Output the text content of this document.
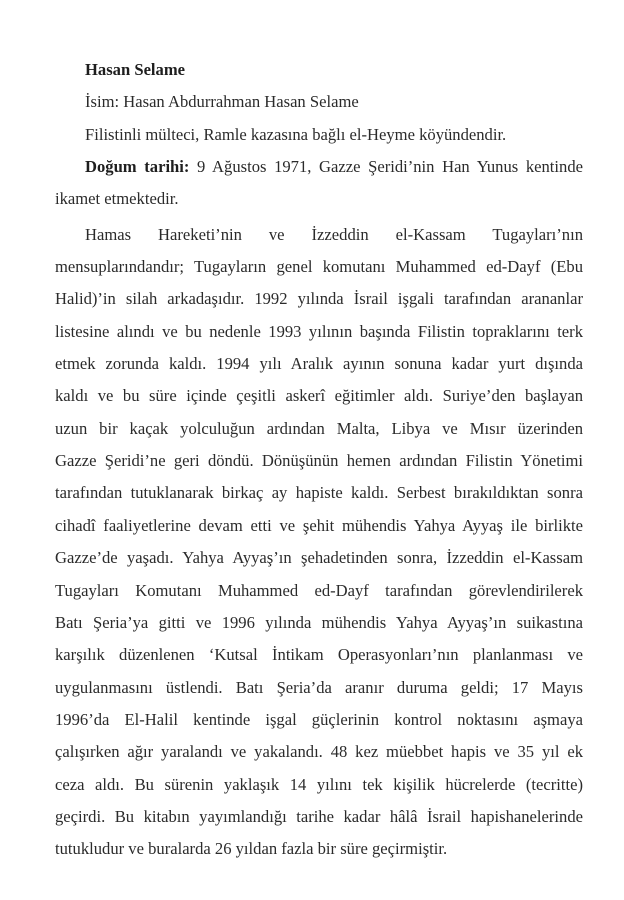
Hasan Selame
İsim: Hasan Abdurrahman Hasan Selame
Filistinli mülteci, Ramle kazasına bağlı el-Heyme köyündendir.
Doğum tarihi: 9 Ağustos 1971, Gazze Şeridi’nin Han Yunus kentinde
ikamet etmektedir.
Hamas Hareketi’nin ve İzzeddin el-Kassam Tugayları’nın
mensuplarındandır; Tugayların genel komutanı Muhammed ed-Dayf (Ebu
Halid)’in silah arkadaşıdır. 1992 yılında İsrail işgali tarafından arananlar
listesine alındı ve bu nedenle 1993 yılının başında Filistin topraklarını terk
etmek zorunda kaldı. 1994 yılı Aralık ayının sonuna kadar yurt dışında
kaldı ve bu süre içinde çeşitli askerî eğitimler aldı. Suriye’den başlayan
uzun bir kaçak yolculuğun ardından Malta, Libya ve Mısır üzerinden
Gazze Şeridi’ne geri döndü. Dönüşünün hemen ardından Filistin Yönetimi
tarafından tutuklanarak birkaç ay hapiste kaldı. Serbest bırakıldıktan sonra
cihadî faaliyetlerine devam etti ve şehit mühendis Yahya Ayyaş ile birlikte
Gazze’de yaşadı. Yahya Ayyaş’ın şehadetinden sonra, İzzeddin el-Kassam
Tugayları Komutanı Muhammed ed-Dayf tarafından görevlendirilerek
Batı Şeria’ya gitti ve 1996 yılında mühendis Yahya Ayyaş’ın suikastına
karşılık düzenlenen ‘Kutsal İntikam Operasyonları’nın planlanması ve
uygulanmasını üstlendi. Batı Şeria’da aranır duruma geldi; 17 Mayıs
1996’da El-Halil kentinde işgal güçlerinin kontrol noktasını aşmaya
çalışırken ağır yaralandı ve yakalandı. 48 kez müebbet hapis ve 35 yıl ek
ceza aldı. Bu sürenin yaklaşık 14 yılını tek kişilik hücrelerde (tecritte)
geçirdi. Bu kitabın yayımlandığı tarihe kadar hâlâ İsrail hapishanelerinde
tutukludur ve buralarda 26 yıldan fazla bir süre geçirmiştir.
